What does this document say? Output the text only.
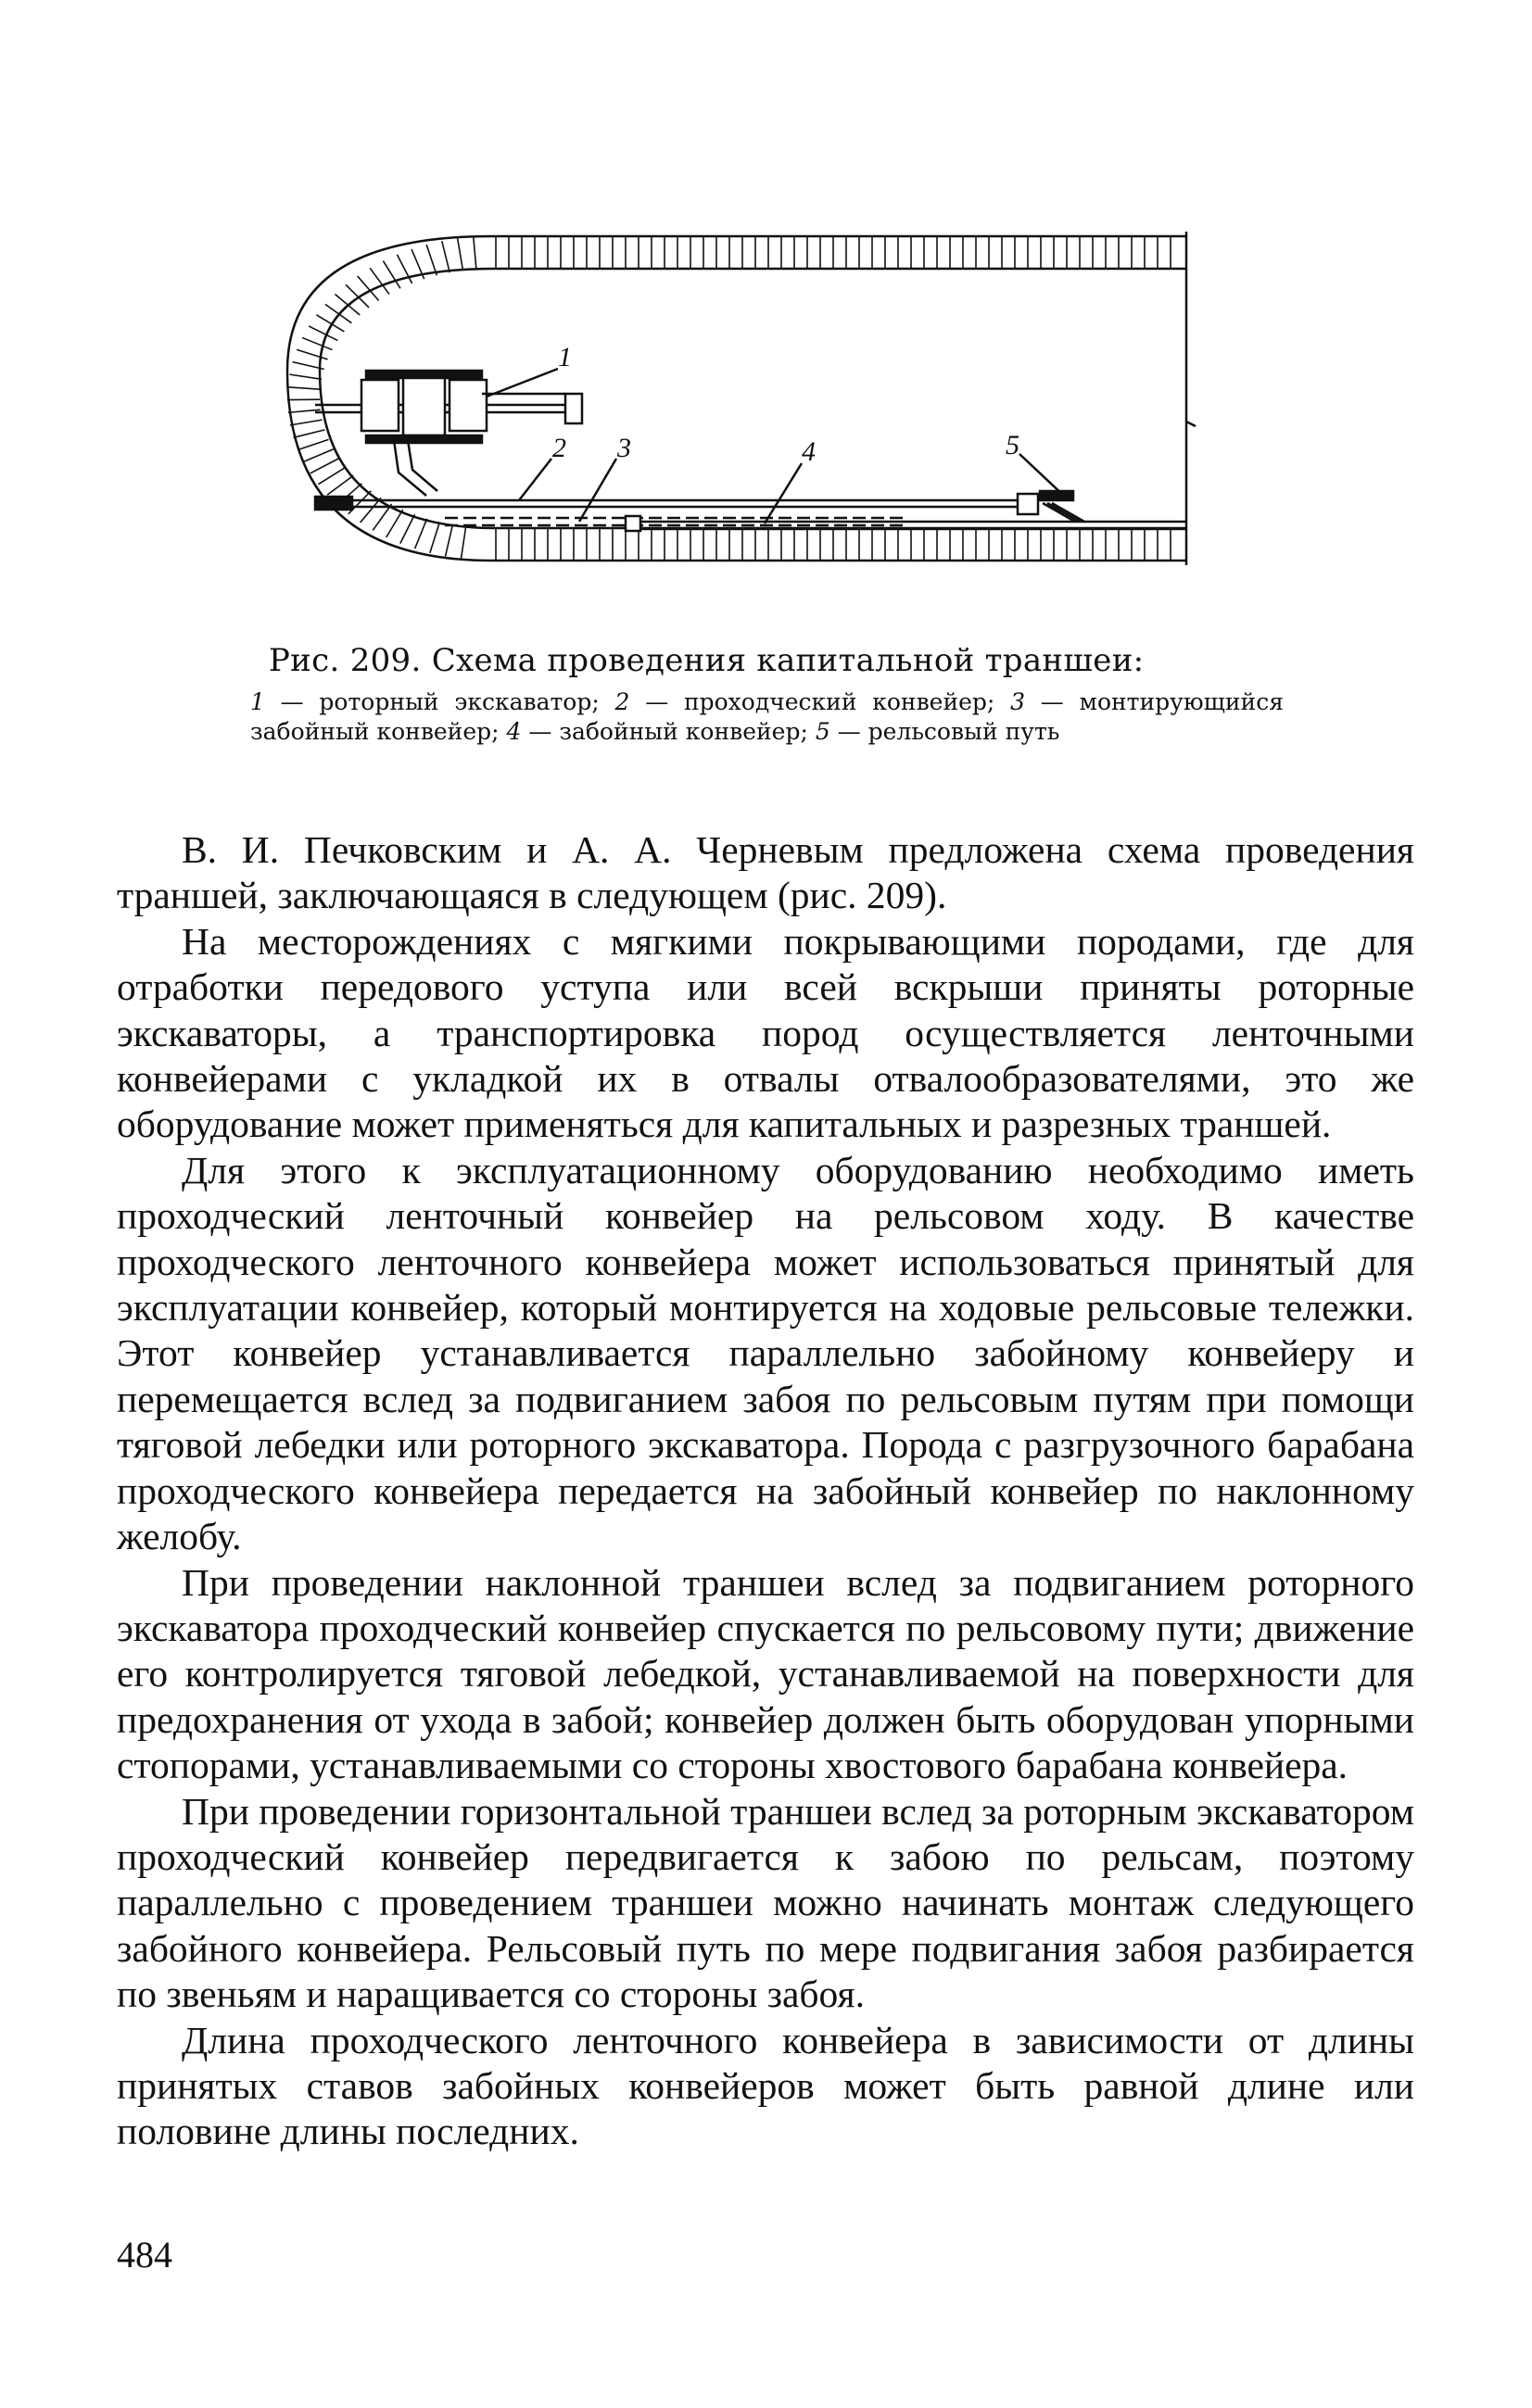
1
2 3	4	5
Рис. 209. Схема проведения капитальной траншеи:
1 — роторный экскаватор; 2 — проходческий конвейер; 3 — монтирующийся забойный конвейер; 4 — забойный конвейер; 5 — рельсовый путь

В. И. Печковским и А. А. Черневым предложена схема проведения траншей, заключающаяся в следующем (рис. 209).

На месторождениях с мягкими покрывающими породами, где для отработки передового уступа или всей вскрыши приняты роторные экскаваторы, а транспортировка пород осуществляется ленточными конвейерами с укладкой их в отвалы отвалообразователями, это же оборудование может применяться для капитальных и разрезных траншей.

Для этого к эксплуатационному оборудованию необходимо иметь проходческий ленточный конвейер на рельсовом ходу. В качестве проходческого ленточного конвейера может использоваться принятый для эксплуатации конвейер, который монтируется на ходовые рельсовые тележки. Этот конвейер устанавливается параллельно забойному конвейеру и перемещается вслед за подвиганием забоя по рельсовым путям при помощи тяговой лебедки или роторного экскаватора. Порода с разгрузочного барабана проходческого конвейера передается на забойный конвейер по наклонному желобу.

При проведении наклонной траншеи вслед за подвиганием роторного экскаватора проходческий конвейер спускается по рельсовому пути; движение его контролируется тяговой лебедкой, устанавливаемой на поверхности для предохранения от ухода в забой; конвейер должен быть оборудован упорными стопорами, устанавливаемыми со стороны хвостового барабана конвейера.

При проведении горизонтальной траншеи вслед за роторным экскаватором проходческий конвейер передвигается к забою по рельсам, поэтому параллельно с проведением траншеи можно начинать монтаж следующего забойного конвейера. Рельсовый путь по мере подвигания забоя разбирается по звеньям и наращивается со стороны забоя.

Длина проходческого ленточного конвейера в зависимости от длины принятых ставов забойных конвейеров может быть равной длине или половине длины последних.

484
